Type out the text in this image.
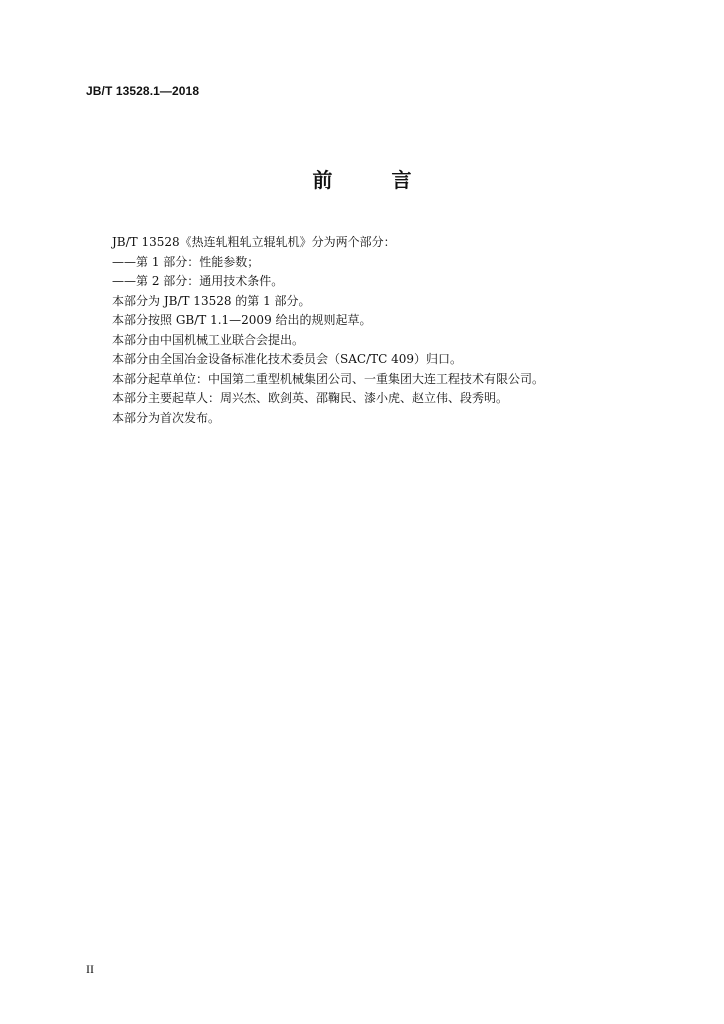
JB/T 13528.1—2018
前 言

JB/T 13528《热连轧粗轧立辊轧机》分为两个部分：

——第 1 部分：性能参数；

——第 2 部分：通用技术条件。

本部分为 JB/T 13528 的第 1 部分。

本部分按照 GB/T 1.1—2009 给出的规则起草。

本部分由中国机械工业联合会提出。

本部分由全国冶金设备标准化技术委员会（SAC/TC 409）归口。

本部分起草单位：中国第二重型机械集团公司、一重集团大连工程技术有限公司。

本部分主要起草人：周兴杰、欧剑英、邵鞠民、漆小虎、赵立伟、段秀明。

本部分为首次发布。

II
